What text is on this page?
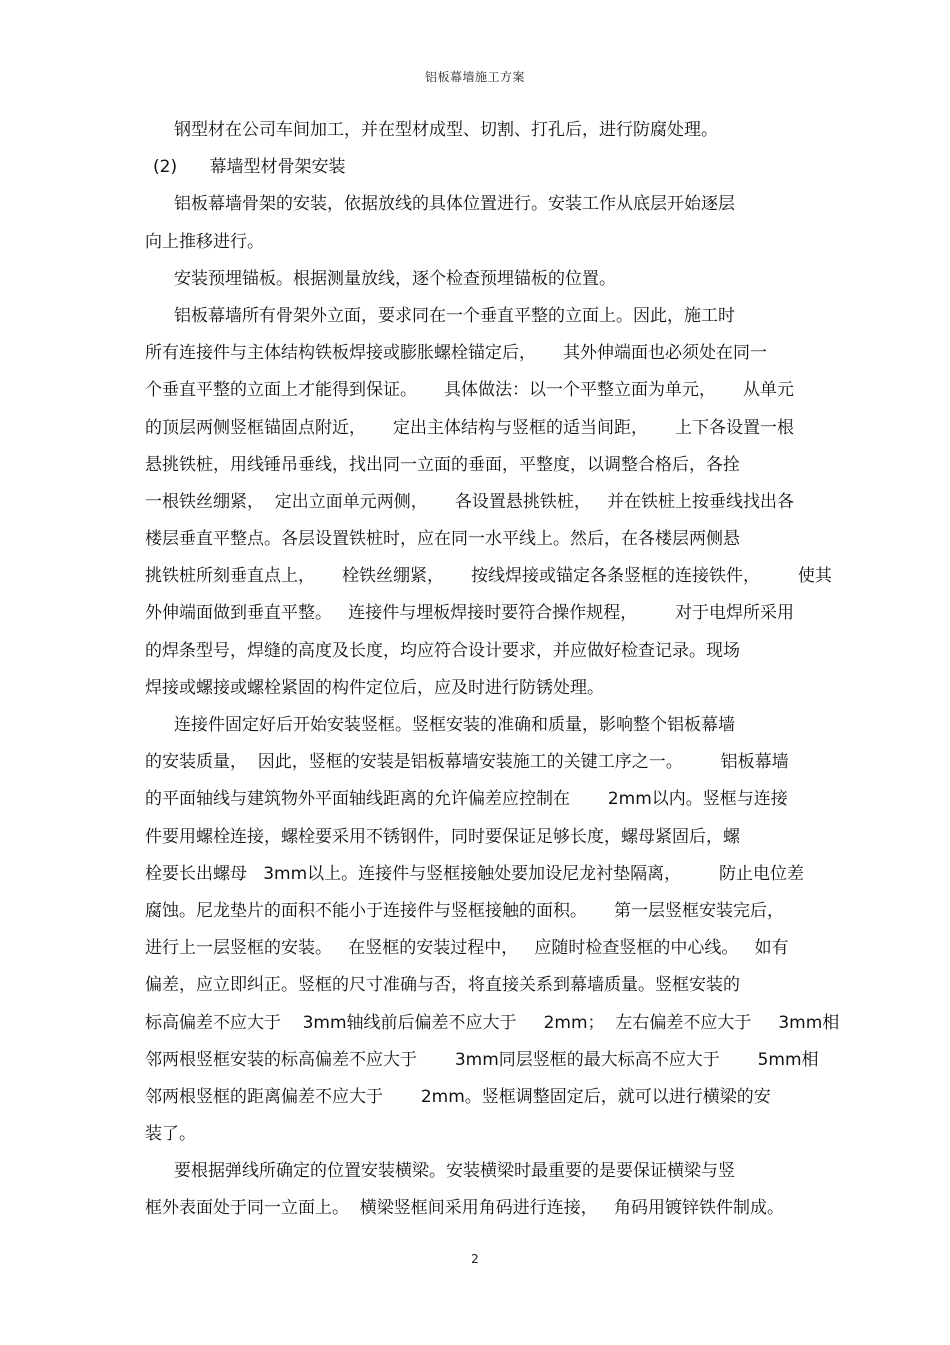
铝板幕墙施工方案
钢型材在公司车间加工，并在型材成型、切割、打孔后，进行防腐处理。
(2)      幕墙型材骨架安装
铝板幕墙骨架的安装，依据放线的具体位置进行。安装工作从底层开始逐层
向上推移进行。
安装预埋锚板。根据测量放线，逐个检查预埋锚板的位置。
铝板幕墙所有骨架外立面，要求同在一个垂直平整的立面上。因此，施工时
所有连接件与主体结构铁板焊接或膨胀螺栓锚定后，     其外伸端面也必须处在同一
个垂直平整的立面上才能得到保证。     具体做法：以一个平整立面为单元，     从单元
的顶层两侧竖框锚固点附近，     定出主体结构与竖框的适当间距，     上下各设置一根
悬挑铁桩，用线锤吊垂线，找出同一立面的垂面，平整度，以调整合格后，各拴
一根铁丝绷紧，  定出立面单元两侧，     各设置悬挑铁桩，   并在铁桩上按垂线找出各
楼层垂直平整点。各层设置铁桩时，应在同一水平线上。然后，在各楼层两侧悬
挑铁桩所刻垂直点上，     栓铁丝绷紧，     按线焊接或锚定各条竖框的连接铁件，       使其
外伸端面做到垂直平整。   连接件与埋板焊接时要符合操作规程，       对于电焊所采用
的焊条型号，焊缝的高度及长度，均应符合设计要求，并应做好检查记录。现场
焊接或螺接或螺栓紧固的构件定位后，应及时进行防锈处理。
连接件固定好后开始安装竖框。竖框安装的准确和质量，影响整个铝板幕墙
的安装质量，  因此，竖框的安装是铝板幕墙安装施工的关键工序之一。       铝板幕墙
的平面轴线与建筑物外平面轴线距离的允许偏差应控制在       2mm以内。竖框与连接
件要用螺栓连接，螺栓要采用不锈钢件，同时要保证足够长度，螺母紧固后，螺
栓要长出螺母   3mm以上。连接件与竖框接触处要加设尼龙衬垫隔离，       防止电位差
腐蚀。尼龙垫片的面积不能小于连接件与竖框接触的面积。     第一层竖框安装完后，
进行上一层竖框的安装。   在竖框的安装过程中，   应随时检查竖框的中心线。   如有
偏差，应立即纠正。竖框的尺寸准确与否，将直接关系到幕墙质量。竖框安装的
标高偏差不应大于    3mm轴线前后偏差不应大于     2mm；  左右偏差不应大于     3mm相
邻两根竖框安装的标高偏差不应大于       3mm同层竖框的最大标高不应大于       5mm相
邻两根竖框的距离偏差不应大于       2mm。竖框调整固定后，就可以进行横梁的安
装了。
要根据弹线所确定的位置安装横梁。安装横梁时最重要的是要保证横梁与竖
框外表面处于同一立面上。  横梁竖框间采用角码进行连接，   角码用镀锌铁件制成。
2
